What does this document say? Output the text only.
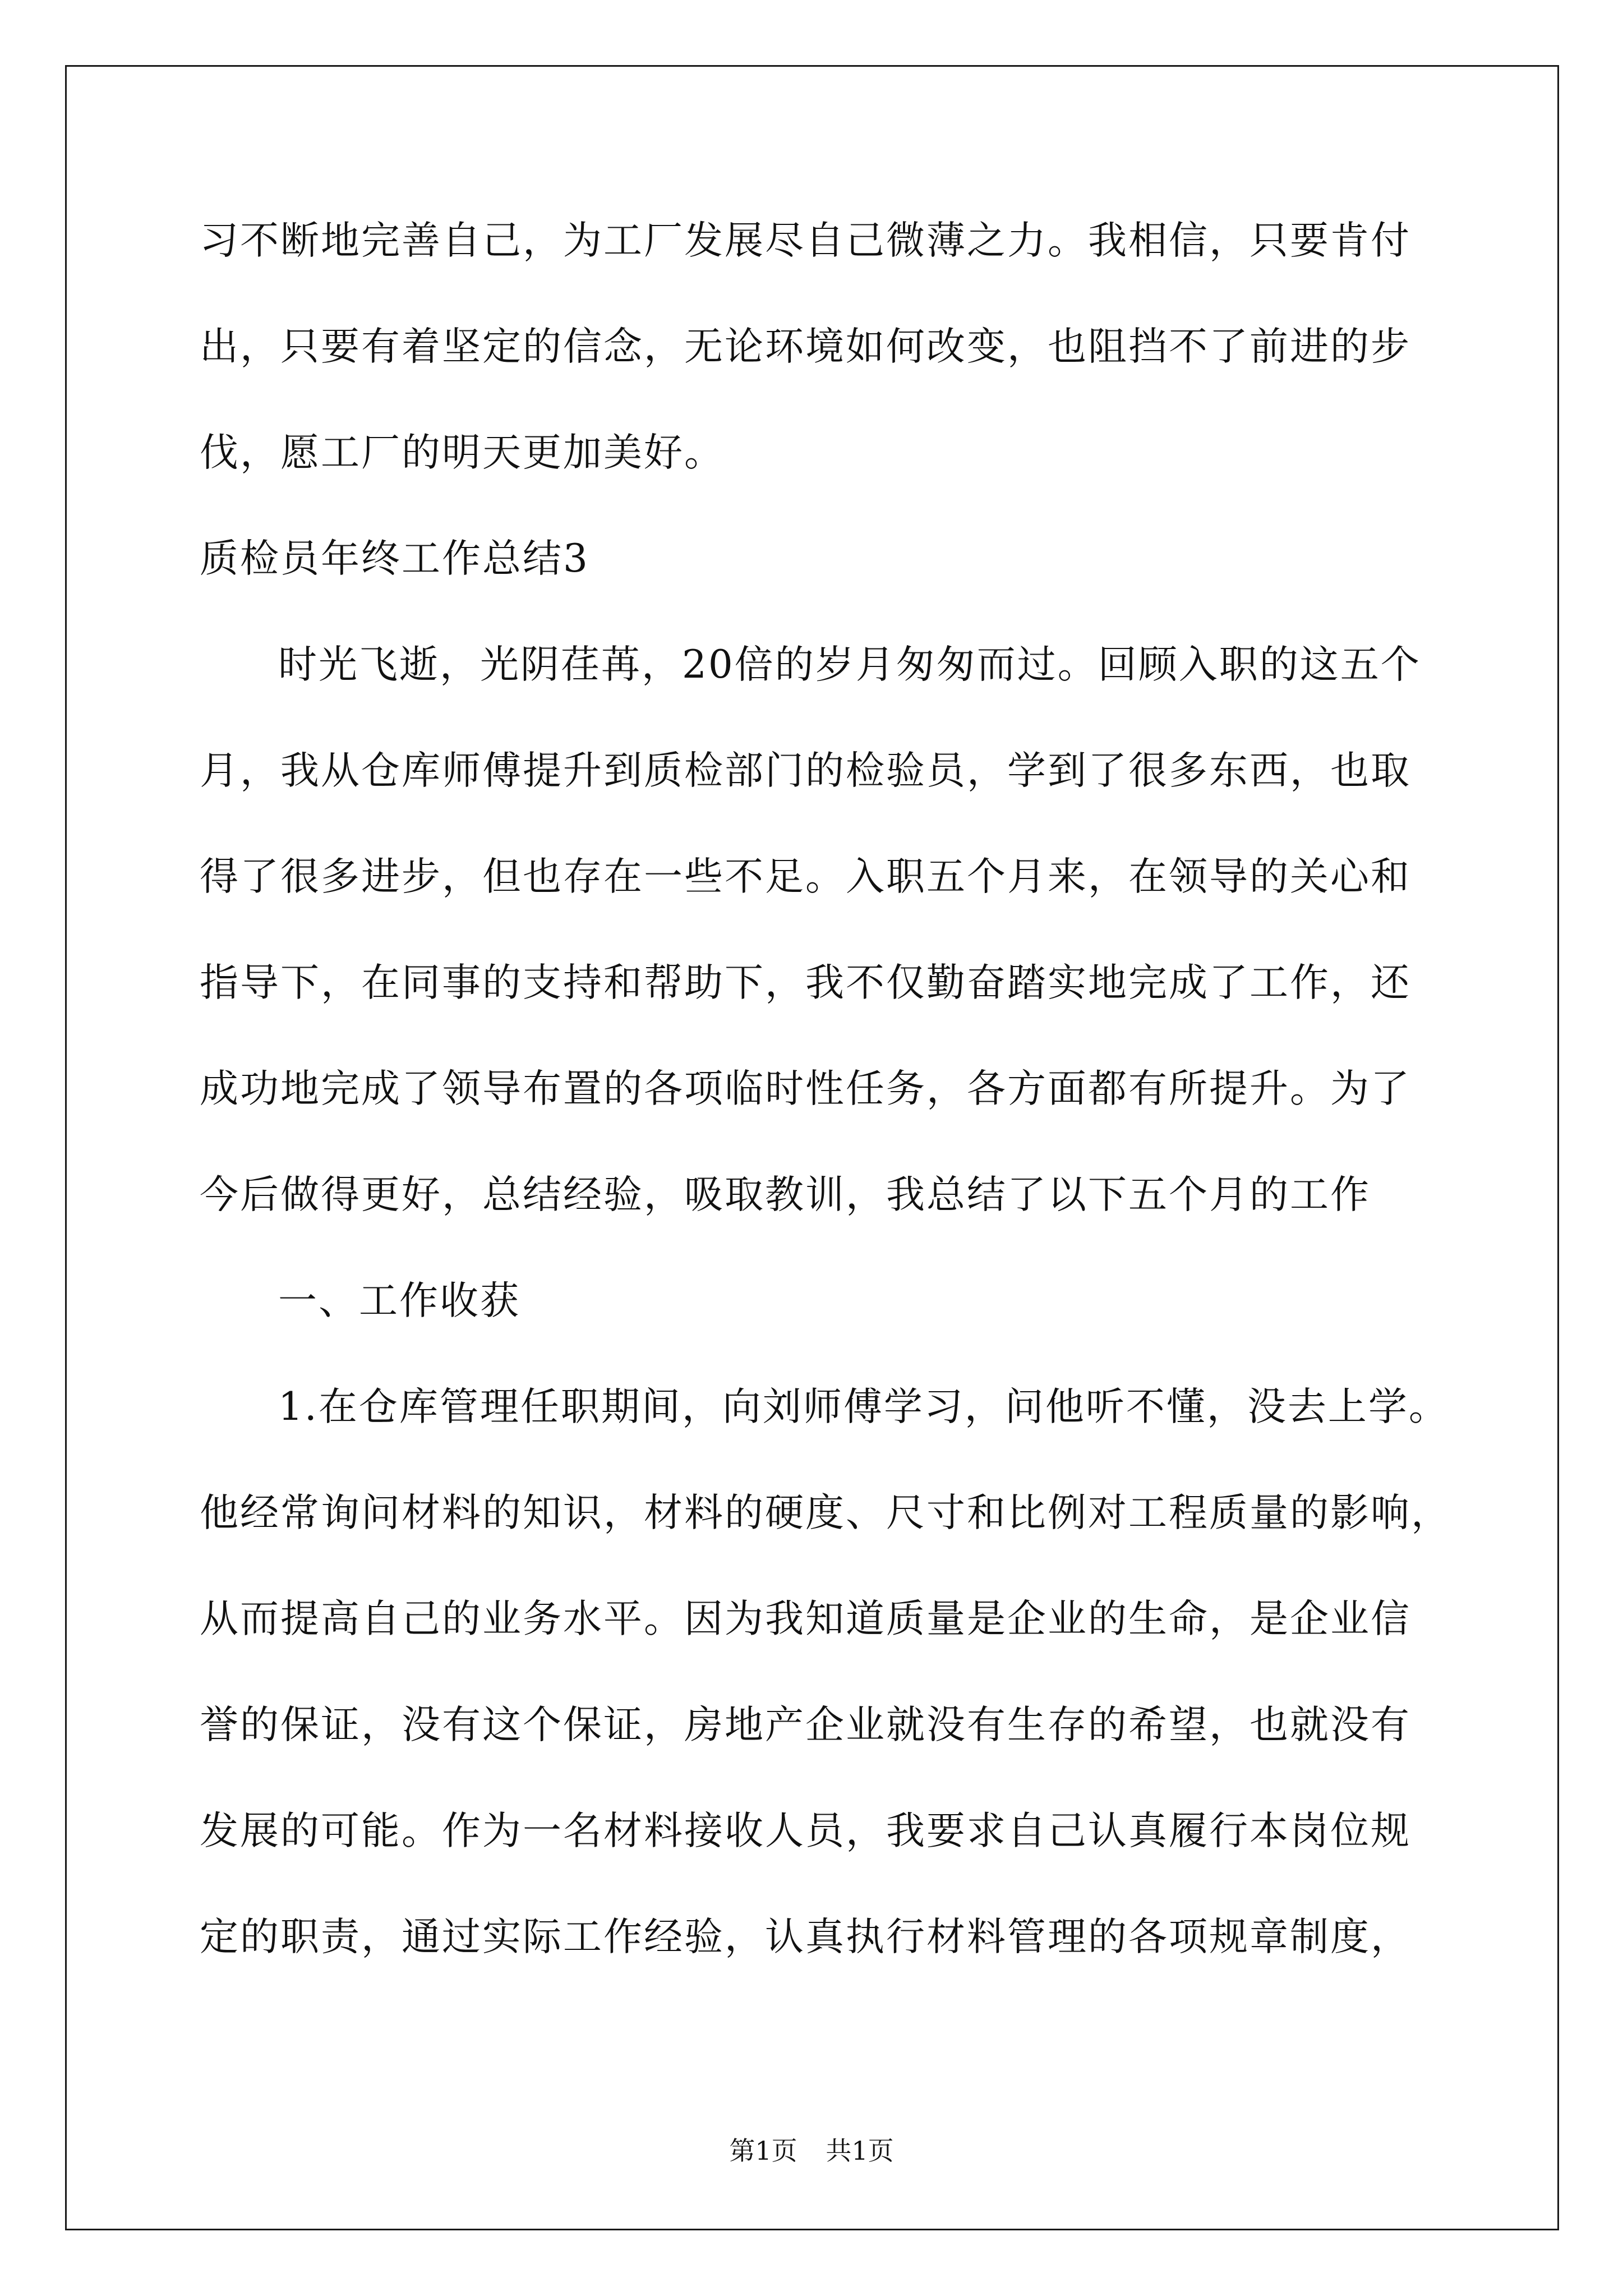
习不断地完善自己，为工厂发展尽自己微薄之力。我相信，只要肯付
出，只要有着坚定的信念，无论环境如何改变，也阻挡不了前进的步
伐，愿工厂的明天更加美好。
质检员年终工作总结3
时光飞逝，光阴荏苒，20倍的岁月匆匆而过。回顾入职的这五个
月，我从仓库师傅提升到质检部门的检验员，学到了很多东西，也取
得了很多进步，但也存在一些不足。入职五个月来，在领导的关心和
指导下，在同事的支持和帮助下，我不仅勤奋踏实地完成了工作，还
成功地完成了领导布置的各项临时性任务，各方面都有所提升。为了
今后做得更好，总结经验，吸取教训，我总结了以下五个月的工作
一、工作收获
1.在仓库管理任职期间，向刘师傅学习，问他听不懂，没去上学。
他经常询问材料的知识，材料的硬度、尺寸和比例对工程质量的影响，
从而提高自己的业务水平。因为我知道质量是企业的生命，是企业信
誉的保证，没有这个保证，房地产企业就没有生存的希望，也就没有
发展的可能。作为一名材料接收人员，我要求自己认真履行本岗位规
定的职责，通过实际工作经验，认真执行材料管理的各项规章制度，
第1页 共1页
